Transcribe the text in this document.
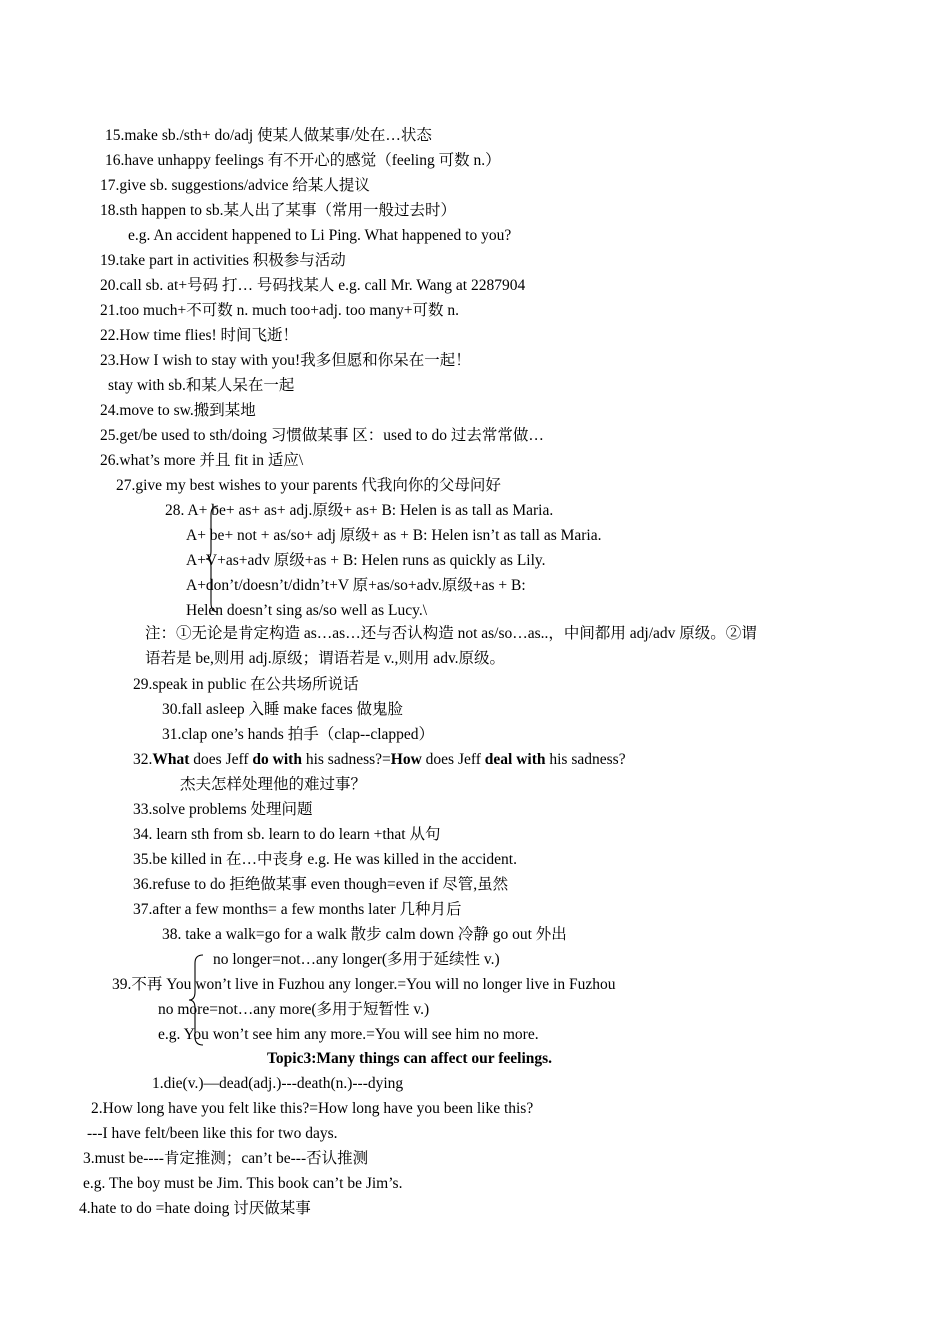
15.make sb./sth+ do/adj 使某人做某事/处在…状态
16.have unhappy feelings 有不开心的感觉（feeling 可数 n.）
17.give sb. suggestions/advice 给某人提议
18.sth happen to sb.某人出了某事（常用一般过去时）
e.g. An accident happened to Li Ping. What happened to you?
19.take part in activities 积极参与活动
20.call sb. at+号码 打… 号码找某人 e.g. call Mr. Wang at 2287904
21.too much+不可数 n. much too+adj. too many+可数 n.
22.How time flies! 时间飞逝！
23.How I wish to stay with you!我多但愿和你呆在一起！
stay with sb.和某人呆在一起
24.move to sw.搬到某地
25.get/be used to sth/doing 习惯做某事 区：used to do 过去常常做…
26.what’s more 并且 fit in 适应\
27.give my best wishes to your parents 代我向你的父母问好
28. A+ be+ as+ as+ adj.原级+ as+ B: Helen is as tall as Maria.
A+ be+ not + as/so+ adj 原级+ as + B: Helen isn’t as tall as Maria.
A+V+as+adv 原级+as + B: Helen runs as quickly as Lily.
A+don’t/doesn’t/didn’t+V 原+as/so+adv.原级+as + B:
Helen doesn’t sing as/so well as Lucy.\
注：①无论是肯定构造 as…as…还与否认构造 not as/so…as..，中间都用 adj/adv 原级。②谓
语若是 be,则用 adj.原级；谓语若是 v.,则用 adv.原级。
29.speak in public 在公共场所说话
30.fall asleep 入睡 make faces 做鬼脸
31.clap one’s hands 拍手（clap--clapped）
32.What does Jeff do with his sadness?=How does Jeff deal with his sadness?
杰夫怎样处理他的难过事？
33.solve problems 处理问题
34. learn sth from sb. learn to do learn +that 从句
35.be killed in 在…中丧身 e.g. He was killed in the accident.
36.refuse to do 拒绝做某事 even though=even if 尽管,虽然
37.after a few months= a few months later 几种月后
38. take a walk=go for a walk 散步 calm down 冷静 go out 外出
no longer=not…any longer(多用于延续性 v.)
39.不再 You won’t live in Fuzhou any longer.=You will no longer live in Fuzhou
no more=not…any more(多用于短暂性 v.)
e.g. You won’t see him any more.=You will see him no more.
Topic3:Many things can affect our feelings.
1.die(v.)—dead(adj.)---death(n.)---dying
2.How long have you felt like this?=How long have you been like this?
---I have felt/been like this for two days.
3.must be----肯定推测；can’t be---否认推测
e.g. The boy must be Jim. This book can’t be Jim’s.
4.hate to do =hate doing 讨厌做某事
